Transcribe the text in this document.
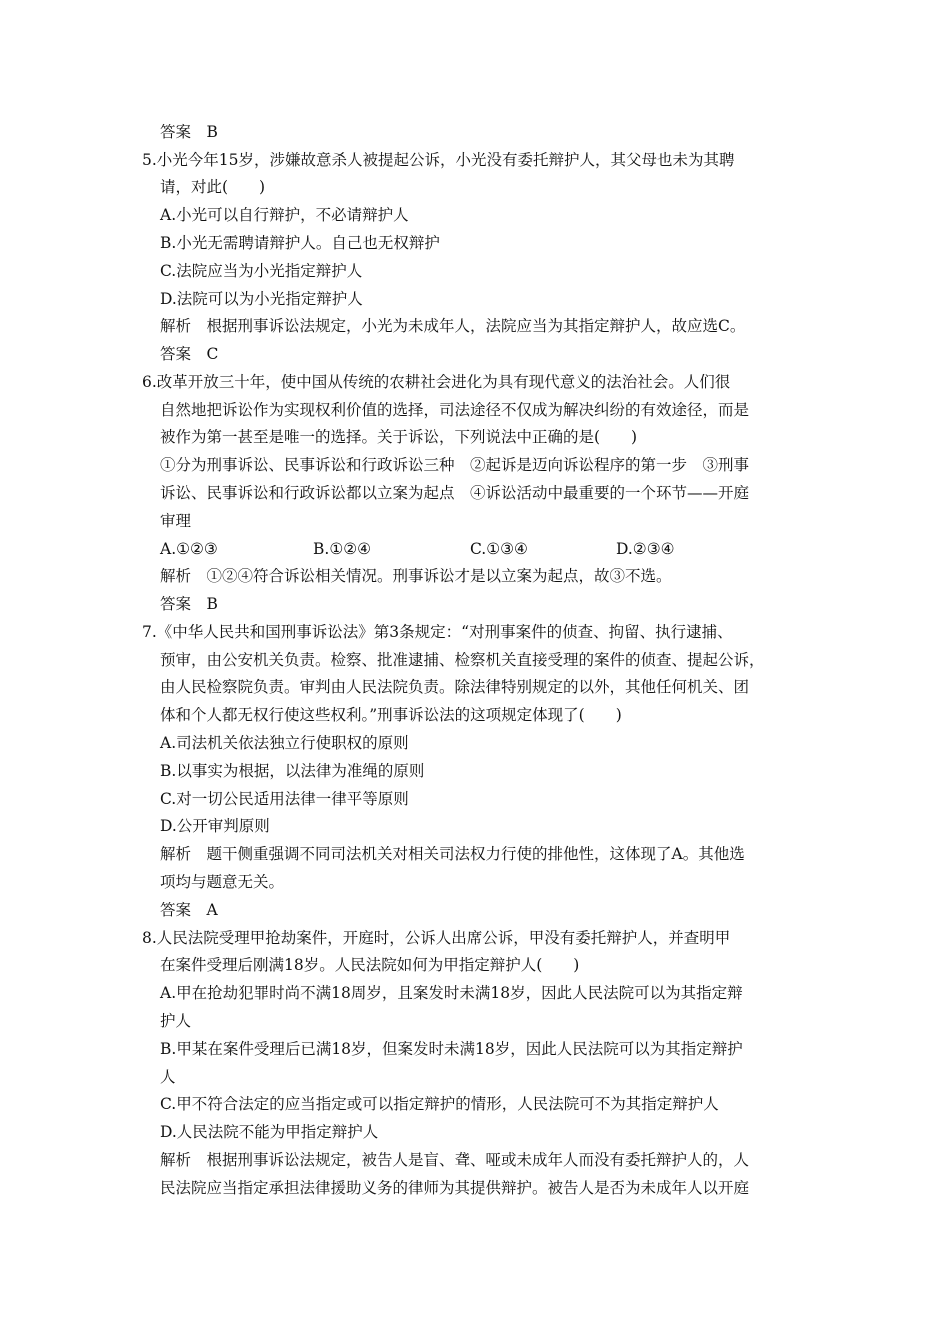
答案　B
5.小光今年15岁，涉嫌故意杀人被提起公诉，小光没有委托辩护人，其父母也未为其聘
请，对此(　　)
A.小光可以自行辩护，不必请辩护人
B.小光无需聘请辩护人。自己也无权辩护
C.法院应当为小光指定辩护人
D.法院可以为小光指定辩护人
解析　根据刑事诉讼法规定，小光为未成年人，法院应当为其指定辩护人，故应选C。
答案　C
6.改革开放三十年，使中国从传统的农耕社会进化为具有现代意义的法治社会。人们很
自然地把诉讼作为实现权利价值的选择，司法途径不仅成为解决纠纷的有效途径，而是
被作为第一甚至是唯一的选择。关于诉讼，下列说法中正确的是(　　)
①分为刑事诉讼、民事诉讼和行政诉讼三种　②起诉是迈向诉讼程序的第一步　③刑事
诉讼、民事诉讼和行政诉讼都以立案为起点　④诉讼活动中最重要的一个环节——开庭
审理
A.①②③	B.①②④	C.①③④	D.②③④
解析　①②④符合诉讼相关情况。刑事诉讼才是以立案为起点，故③不选。
答案　B
7.《中华人民共和国刑事诉讼法》第3条规定：“对刑事案件的侦查、拘留、执行逮捕、
预审，由公安机关负责。检察、批准逮捕、检察机关直接受理的案件的侦查、提起公诉，
由人民检察院负责。审判由人民法院负责。除法律特别规定的以外，其他任何机关、团
体和个人都无权行使这些权利。”刑事诉讼法的这项规定体现了(　　)
A.司法机关依法独立行使职权的原则
B.以事实为根据，以法律为准绳的原则
C.对一切公民适用法律一律平等原则
D.公开审判原则
解析　题干侧重强调不同司法机关对相关司法权力行使的排他性，这体现了A。其他选
项均与题意无关。
答案　A
8.人民法院受理甲抢劫案件，开庭时，公诉人出席公诉，甲没有委托辩护人，并查明甲
在案件受理后刚满18岁。人民法院如何为甲指定辩护人(　　)
A.甲在抢劫犯罪时尚不满18周岁，且案发时未满18岁，因此人民法院可以为其指定辩
护人
B.甲某在案件受理后已满18岁，但案发时未满18岁，因此人民法院可以为其指定辩护
人
C.甲不符合法定的应当指定或可以指定辩护的情形，人民法院可不为其指定辩护人
D.人民法院不能为甲指定辩护人
解析　根据刑事诉讼法规定，被告人是盲、聋、哑或未成年人而没有委托辩护人的，人
民法院应当指定承担法律援助义务的律师为其提供辩护。被告人是否为未成年人以开庭
